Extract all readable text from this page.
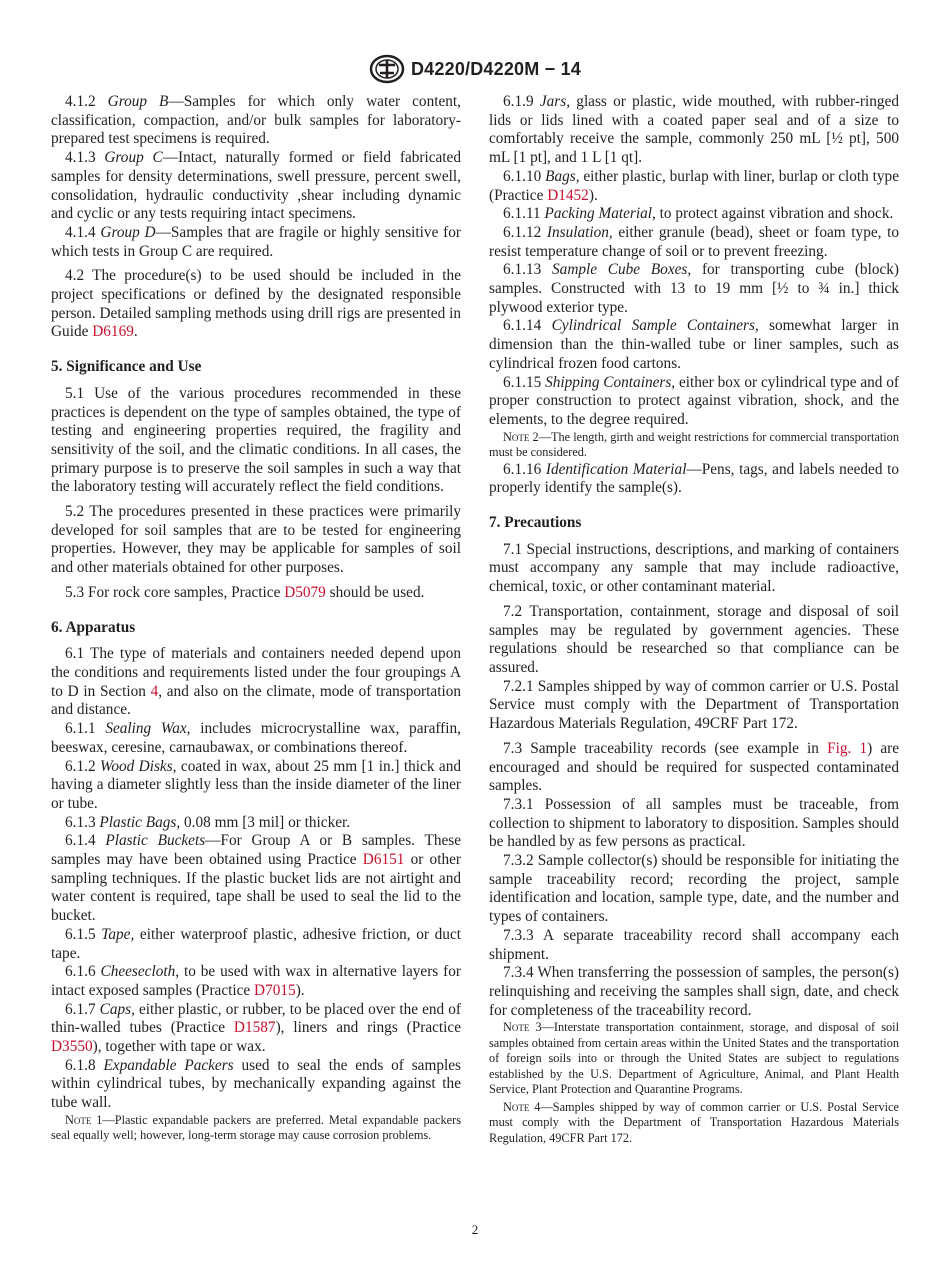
D4220/D4220M − 14

4.1.2 Group B—Samples for which only water content, classification, compaction, and/or bulk samples for laboratory-prepared test specimens is required.

4.1.3 Group C—Intact, naturally formed or field fabricated samples for density determinations, swell pressure, percent swell, consolidation, hydraulic conductivity ,shear including dynamic and cyclic or any tests requiring intact specimens.

4.1.4 Group D—Samples that are fragile or highly sensitive for which tests in Group C are required.

4.2 The procedure(s) to be used should be included in the project specifications or defined by the designated responsible person. Detailed sampling methods using drill rigs are presented in Guide D6169.

5. Significance and Use

5.1 Use of the various procedures recommended in these practices is dependent on the type of samples obtained, the type of testing and engineering properties required, the fragility and sensitivity of the soil, and the climatic conditions. In all cases, the primary purpose is to preserve the soil samples in such a way that the laboratory testing will accurately reflect the field conditions.

5.2 The procedures presented in these practices were primarily developed for soil samples that are to be tested for engineering properties. However, they may be applicable for samples of soil and other materials obtained for other purposes.

5.3 For rock core samples, Practice D5079 should be used.

6. Apparatus

6.1 The type of materials and containers needed depend upon the conditions and requirements listed under the four groupings A to D in Section 4, and also on the climate, mode of transportation and distance.

6.1.1 Sealing Wax, includes microcrystalline wax, paraffin, beeswax, ceresine, carnaubawax, or combinations thereof.

6.1.2 Wood Disks, coated in wax, about 25 mm [1 in.] thick and having a diameter slightly less than the inside diameter of the liner or tube.

6.1.3 Plastic Bags, 0.08 mm [3 mil] or thicker.

6.1.4 Plastic Buckets—For Group A or B samples. These samples may have been obtained using Practice D6151 or other sampling techniques. If the plastic bucket lids are not airtight and water content is required, tape shall be used to seal the lid to the bucket.

6.1.5 Tape, either waterproof plastic, adhesive friction, or duct tape.

6.1.6 Cheesecloth, to be used with wax in alternative layers for intact exposed samples (Practice D7015).

6.1.7 Caps, either plastic, or rubber, to be placed over the end of thin-walled tubes (Practice D1587), liners and rings (Practice D3550), together with tape or wax.

6.1.8 Expandable Packers used to seal the ends of samples within cylindrical tubes, by mechanically expanding against the tube wall.

Note 1—Plastic expandable packers are preferred. Metal expandable packers seal equally well; however, long-term storage may cause corrosion problems.

6.1.9 Jars, glass or plastic, wide mouthed, with rubber-ringed lids or lids lined with a coated paper seal and of a size to comfortably receive the sample, commonly 250 mL [½ pt], 500 mL [1 pt], and 1 L [1 qt].

6.1.10 Bags, either plastic, burlap with liner, burlap or cloth type (Practice D1452).

6.1.11 Packing Material, to protect against vibration and shock.

6.1.12 Insulation, either granule (bead), sheet or foam type, to resist temperature change of soil or to prevent freezing.

6.1.13 Sample Cube Boxes, for transporting cube (block) samples. Constructed with 13 to 19 mm [½ to ¾ in.] thick plywood exterior type.

6.1.14 Cylindrical Sample Containers, somewhat larger in dimension than the thin-walled tube or liner samples, such as cylindrical frozen food cartons.

6.1.15 Shipping Containers, either box or cylindrical type and of proper construction to protect against vibration, shock, and the elements, to the degree required.

Note 2—The length, girth and weight restrictions for commercial transportation must be considered.

6.1.16 Identification Material—Pens, tags, and labels needed to properly identify the sample(s).

7. Precautions

7.1 Special instructions, descriptions, and marking of containers must accompany any sample that may include radioactive, chemical, toxic, or other contaminant material.

7.2 Transportation, containment, storage and disposal of soil samples may be regulated by government agencies. These regulations should be researched so that compliance can be assured.

7.2.1 Samples shipped by way of common carrier or U.S. Postal Service must comply with the Department of Transportation Hazardous Materials Regulation, 49CRF Part 172.

7.3 Sample traceability records (see example in Fig. 1) are encouraged and should be required for suspected contaminated samples.

7.3.1 Possession of all samples must be traceable, from collection to shipment to laboratory to disposition. Samples should be handled by as few persons as practical.

7.3.2 Sample collector(s) should be responsible for initiating the sample traceability record; recording the project, sample identification and location, sample type, date, and the number and types of containers.

7.3.3 A separate traceability record shall accompany each shipment.

7.3.4 When transferring the possession of samples, the person(s) relinquishing and receiving the samples shall sign, date, and check for completeness of the traceability record.

Note 3—Interstate transportation containment, storage, and disposal of soil samples obtained from certain areas within the United States and the transportation of foreign soils into or through the United States are subject to regulations established by the U.S. Department of Agriculture, Animal, and Plant Health Service, Plant Protection and Quarantine Programs.

Note 4—Samples shipped by way of common carrier or U.S. Postal Service must comply with the Department of Transportation Hazardous Materials Regulation, 49CFR Part 172.

2
